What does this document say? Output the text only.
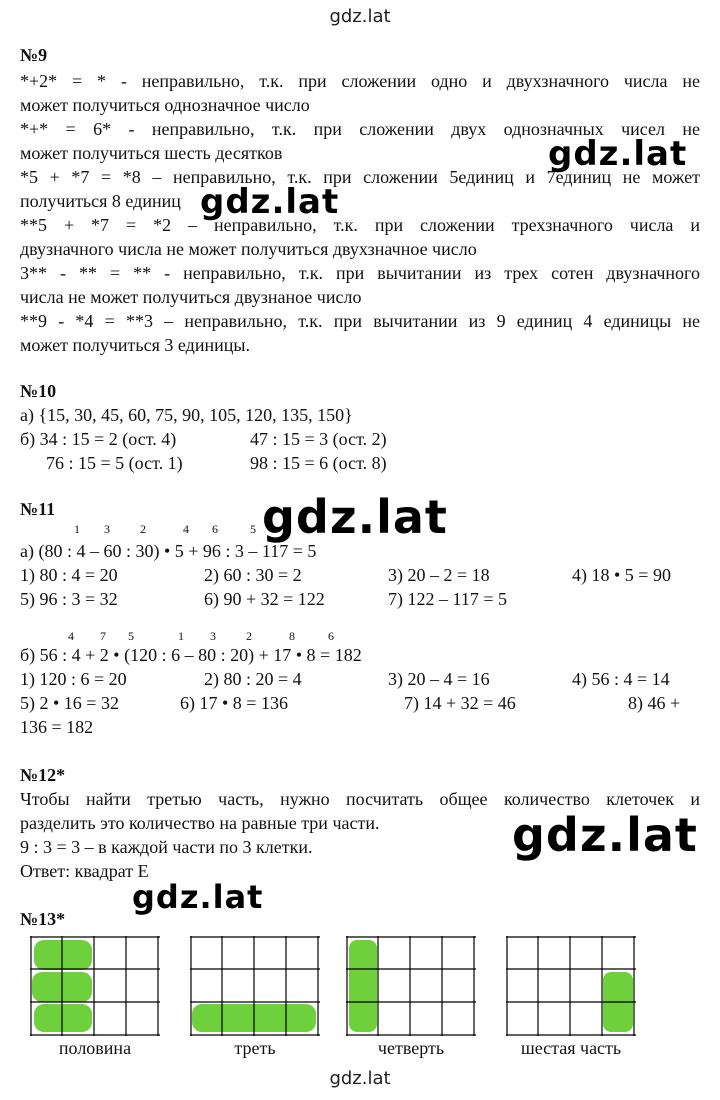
gdz.lat
gdz.lat
gdz.lat
gdz.lat
gdz.lat
gdz.lat
№9
*+2* = * - неправильно, т.к. при сложении одно и двухзначного числа не
может получиться однозначное число
*+* = 6* - неправильно, т.к. при сложении двух однозначных чисел не
может получиться шесть десятков
*5 + *7 = *8 – неправильно, т.к. при сложении 5единиц и 7единиц не может
получиться 8 единиц
**5 + *7 = *2 – неправильно, т.к. при сложении трехзначного числа и
двузначного числа не может получиться двухзначное число
3** - ** = ** - неправильно, т.к. при вычитании из трех сотен двузначного
числа не может получиться двузнаное число
**9 - *4 = **3 – неправильно, т.к. при вычитании из 9 единиц 4 единицы не
может получиться 3 единицы.
№10
а) {15, 30, 45, 60, 75, 90, 105, 120, 135, 150}
б) 34 : 15 = 2 (ост. 4)	47 : 15 = 3 (ост. 2)
76 : 15 = 5 (ост. 1)	98 : 15 = 6 (ост. 8)
№11
1 3	2	4 6	5
а) (80 : 4 – 60 : 30) • 5 + 96 : 3 – 117 = 5
1) 80 : 4 = 20	2) 60 : 30 = 2	3) 20 – 2 = 18	4) 18 • 5 = 90
5) 96 : 3 = 32	6) 90 + 32 = 122	7) 122 – 117 = 5
4 7 5	1 3	2	8	6
б) 56 : 4 + 2 • (120 : 6 – 80 : 20) + 17 • 8 = 182
1) 120 : 6 = 20	2) 80 : 20 = 4	3) 20 – 4 = 16	4) 56 : 4 = 14
5) 2 • 16 = 32	6) 17 • 8 = 136	7) 14 + 32 = 46	8) 46 +
136 = 182
№12*
Чтобы найти третью часть, нужно посчитать общее количество клеточек и
разделить это количество на равные три части.
9 : 3 = 3 – в каждой части по 3 клетки.
Ответ: квадрат Е
№13*
половина	треть	четверть	шестая часть
gdz.lat
